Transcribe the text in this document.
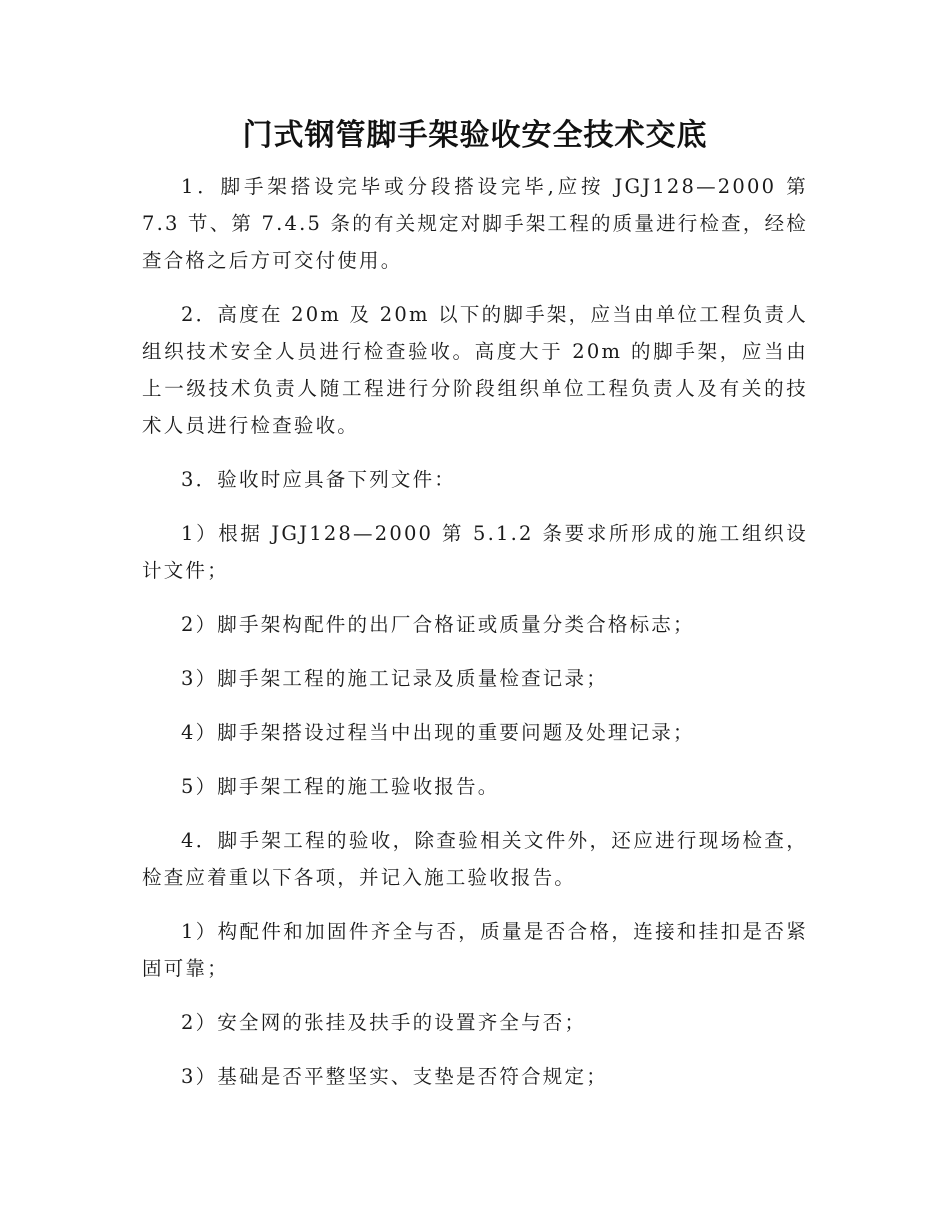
门式钢管脚手架验收安全技术交底

1．脚手架搭设完毕或分段搭设完毕,应按 JGJ128—2000 第 7.3 节、第 7.4.5 条的有关规定对脚手架工程的质量进行检查，经检查合格之后方可交付使用。

2．高度在 20m 及 20m 以下的脚手架，应当由单位工程负责人组织技术安全人员进行检查验收。高度大于 20m 的脚手架，应当由上一级技术负责人随工程进行分阶段组织单位工程负责人及有关的技术人员进行检查验收。

3．验收时应具备下列文件：

1）根据 JGJ128—2000 第 5.1.2 条要求所形成的施工组织设计文件；

2）脚手架构配件的出厂合格证或质量分类合格标志；

3）脚手架工程的施工记录及质量检查记录；

4）脚手架搭设过程当中出现的重要问题及处理记录；

5）脚手架工程的施工验收报告。

4．脚手架工程的验收，除查验相关文件外，还应进行现场检查，检查应着重以下各项，并记入施工验收报告。

1）构配件和加固件齐全与否，质量是否合格，连接和挂扣是否紧固可靠；

2）安全网的张挂及扶手的设置齐全与否；

3）基础是否平整坚实、支垫是否符合规定；
